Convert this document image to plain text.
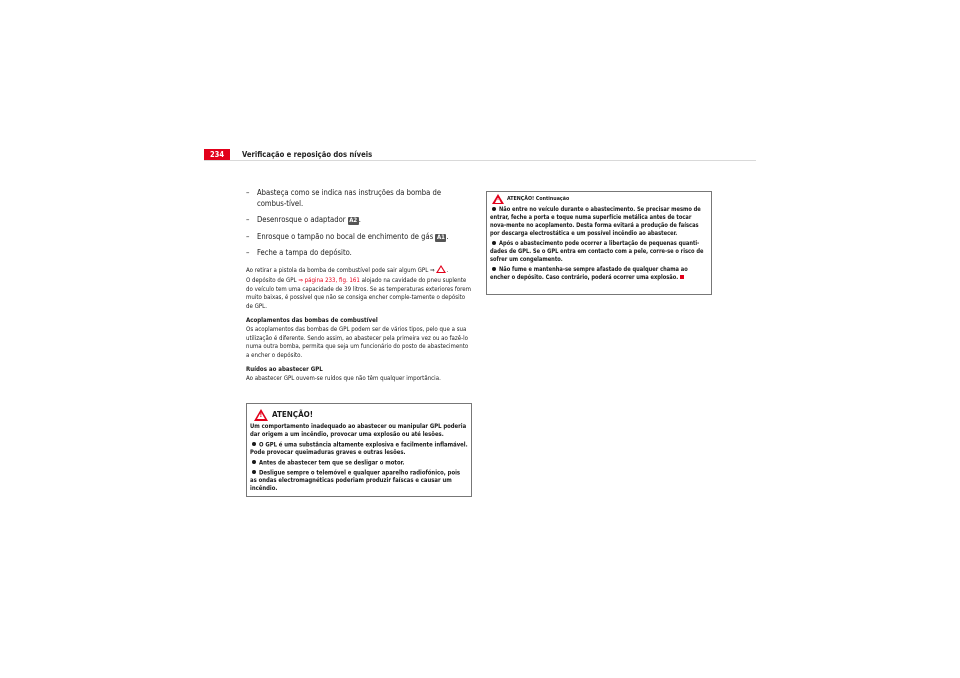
234	Verificação e reposição dos níveis

– Abasteça como se indica nas instruções da bomba de combus-tível.

– Desenrosque o adaptador A2 .

– Enrosque o tampão no bocal de enchimento de gás A1 .

– Feche a tampa do depósito.

Ao retirar a pistola da bomba de combustível pode sair algum GPL ⇒ .

O depósito de GPL ⇒ página 233, fig. 161 alojado na cavidade do pneu suplente do veículo tem uma capacidade de 39 litros. Se as temperaturas exteriores forem muito baixas, é possível que não se consiga encher comple-tamente o depósito de GPL.

Acoplamentos das bombas de combustível

Os acoplamentos das bombas de GPL podem ser de vários tipos, pelo que a sua utilização é diferente. Sendo assim, ao abastecer pela primeira vez ou ao fazê-lo numa outra bomba, permita que seja um funcionário do posto de abastecimento a encher o depósito.

Ruídos ao abastecer GPL

Ao abastecer GPL ouvem-se ruídos que não têm qualquer importância.

!
ATENÇÃO!

Um comportamento inadequado ao abastecer ou manipular GPL poderia dar origem a um incêndio, provocar uma explosão ou até lesões.

O GPL é uma substância altamente explosiva e facilmente inflamável. Pode provocar queimaduras graves e outras lesões.

Antes de abastecer tem que se desligar o motor.

Desligue sempre o telemóvel e qualquer aparelho radiofónico, pois as ondas electromagnéticas poderiam produzir faíscas e causar um incêndio.

!
ATENÇÃO! Continuação

Não entre no veículo durante o abastecimento. Se precisar mesmo de entrar, feche a porta e toque numa superfície metálica antes de tocar nova-mente no acoplamento. Desta forma evitará a produção de faíscas por descarga electrostática e um possível incêndio ao abastecer.

Após o abastecimento pode ocorrer a libertação de pequenas quanti-dades de GPL. Se o GPL entra em contacto com a pele, corre-se o risco de sofrer um congelamento.

Não fume e mantenha-se sempre afastado de qualquer chama ao encher o depósito. Caso contrário, poderá ocorrer uma explosão.
